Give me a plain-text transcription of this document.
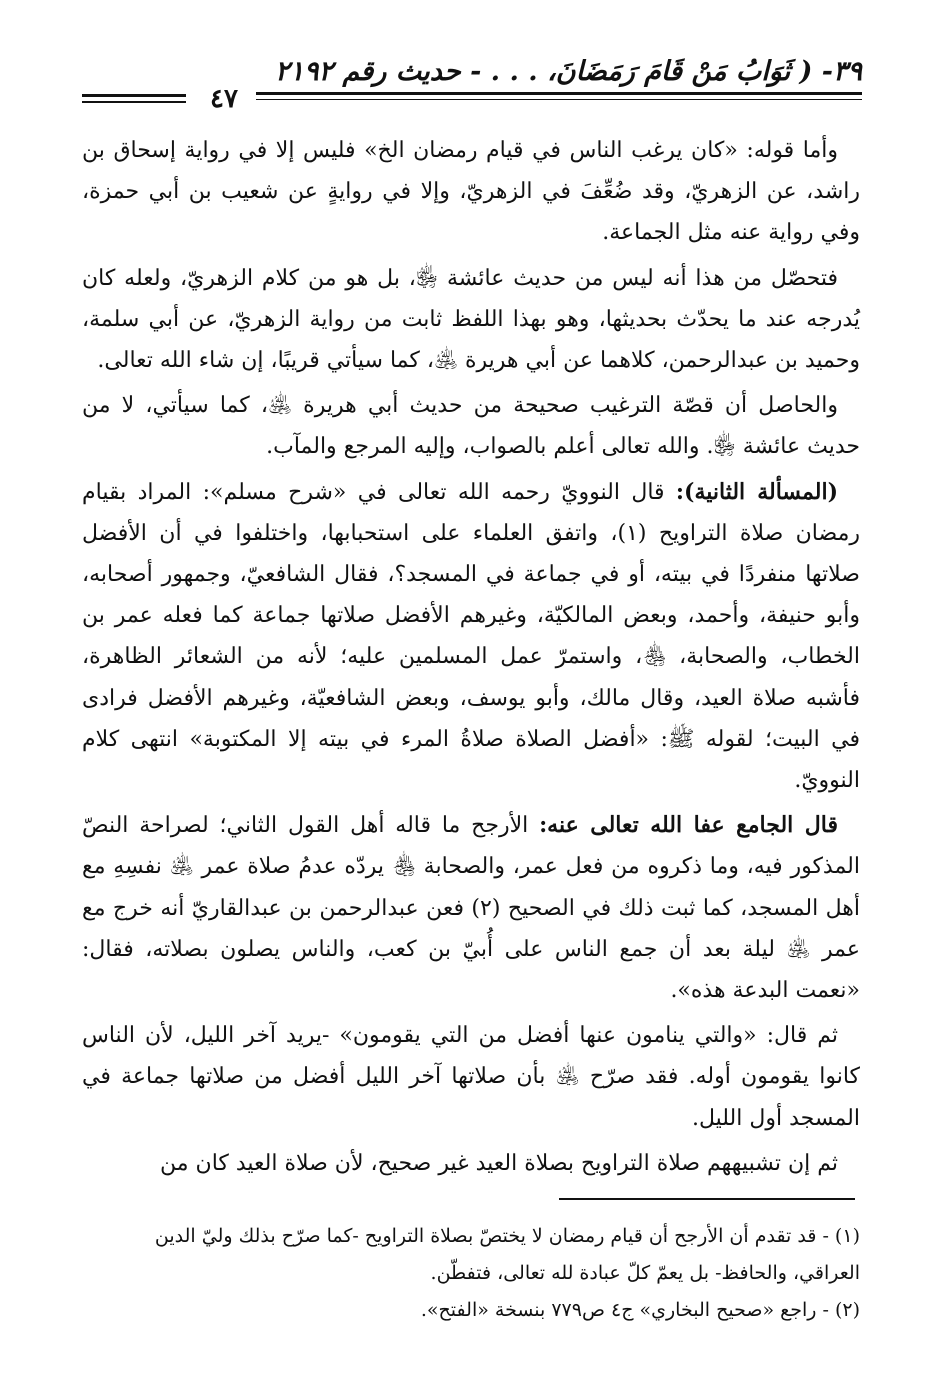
٣٩- ( ثَوَابُ مَنْ قَامَ رَمَضَانَ، . . . - حديث رقم ٢١٩٢
٤٧

وأما قوله: «كان يرغب الناس في قيام رمضان الخ» فليس إلا في رواية إسحاق بن راشد، عن الزهريّ، وقد ضُعِّفَ في الزهريّ، وإلا في روايةٍ عن شعيب بن أبي حمزة، وفي رواية عنه مثل الجماعة.

فتحصّل من هذا أنه ليس من حديث عائشة ﵂، بل هو من كلام الزهريّ، ولعله كان يُدرجه عند ما يحدّث بحديثها، وهو بهذا اللفظ ثابت من رواية الزهريّ، عن أبي سلمة، وحميد بن عبدالرحمن، كلاهما عن أبي هريرة ﵁، كما سيأتي قريبًا، إن شاء الله تعالى.

والحاصل أن قصّة الترغيب صحيحة من حديث أبي هريرة ﵁، كما سيأتي، لا من حديث عائشة ﵂. والله تعالى أعلم بالصواب، وإليه المرجع والمآب.

(المسألة الثانية): قال النوويّ رحمه الله تعالى في «شرح مسلم»: المراد بقيام رمضان صلاة التراويح (١)، واتفق العلماء على استحبابها، واختلفوا في أن الأفضل صلاتها منفردًا في بيته، أو في جماعة في المسجد؟، فقال الشافعيّ، وجمهور أصحابه، وأبو حنيفة، وأحمد، وبعض المالكيّة، وغيرهم الأفضل صلاتها جماعة كما فعله عمر بن الخطاب، والصحابة، ﵃، واستمرّ عمل المسلمين عليه؛ لأنه من الشعائر الظاهرة، فأشبه صلاة العيد، وقال مالك، وأبو يوسف، وبعض الشافعيّة، وغيرهم الأفضل فرادى في البيت؛ لقوله ﷺ: «أفضل الصلاة صلاةُ المرء في بيته إلا المكتوبة» انتهى كلام النوويّ.

قال الجامع عفا الله تعالى عنه: الأرجح ما قاله أهل القول الثاني؛ لصراحة النصّ المذكور فيه، وما ذكروه من فعل عمر، والصحابة ﵃ يردّه عدمُ صلاة عمر ﵁ نفسِهِ مع أهل المسجد، كما ثبت ذلك في الصحيح (٢) فعن عبدالرحمن بن عبدالقاريّ أنه خرج مع عمر ﵁ ليلة بعد أن جمع الناس على أُبيّ بن كعب، والناس يصلون بصلاته، فقال: «نعمت البدعة هذه».

ثم قال: «والتي ينامون عنها أفضل من التي يقومون» -يريد آخر الليل، لأن الناس كانوا يقومون أوله. فقد صرّح ﵁ بأن صلاتها آخر الليل أفضل من صلاتها جماعة في المسجد أول الليل.

ثم إن تشبيههم صلاة التراويح بصلاة العيد غير صحيح، لأن صلاة العيد كان من

(١) - قد تقدم أن الأرجح أن قيام رمضان لا يختصّ بصلاة التراويح -كما صرّح بذلك وليّ الدين العراقي، والحافظ- بل يعمّ كلّ عبادة لله تعالى، فتفطّن.

(٢) - راجع «صحيح البخاري» ج٤ ص٧٧٩ بنسخة «الفتح».
